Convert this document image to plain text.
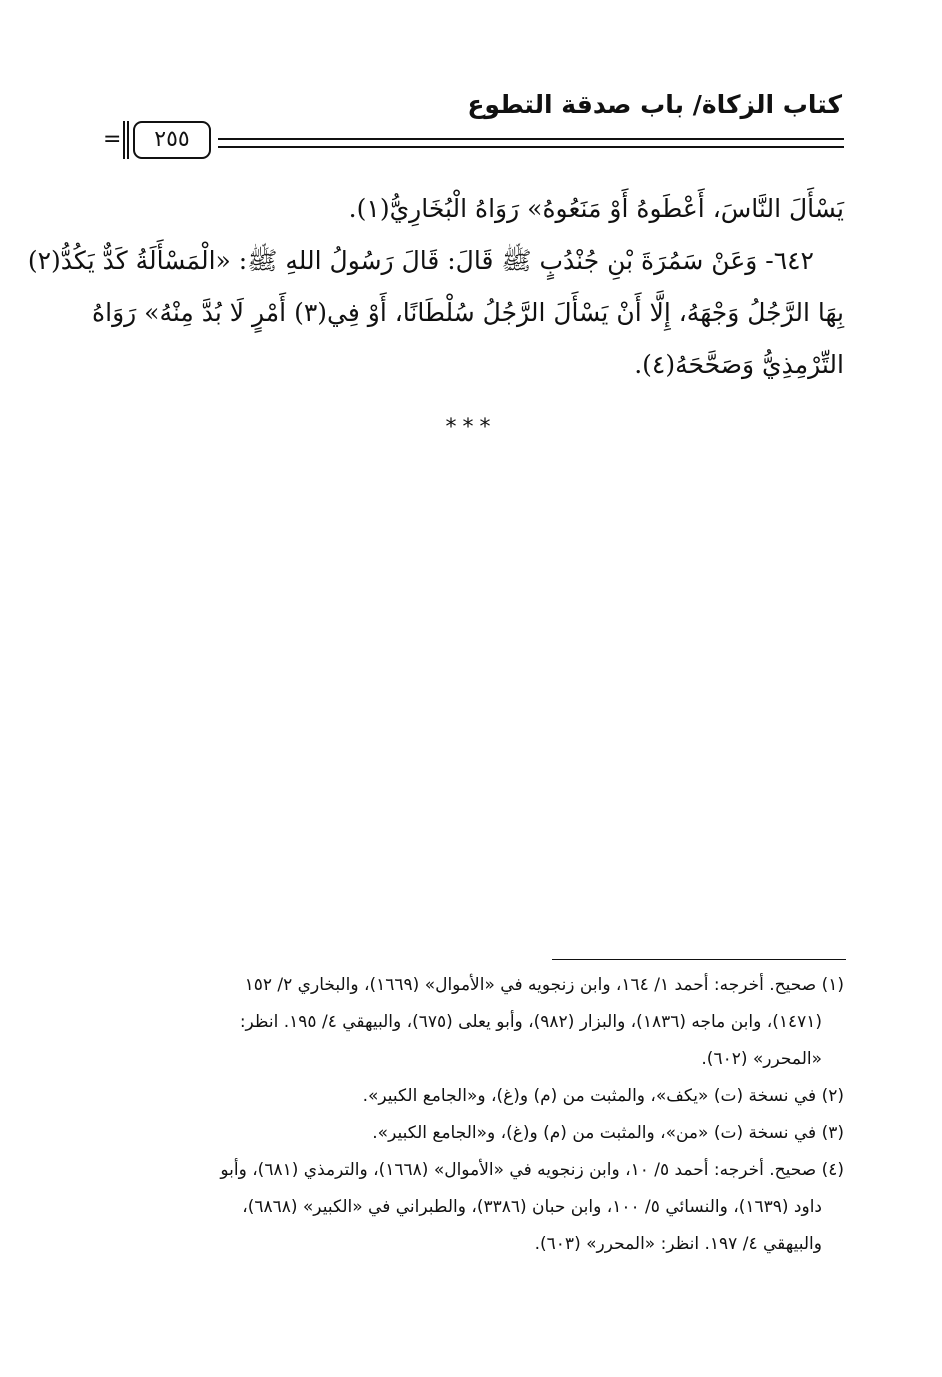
كتاب الزكاة/ باب صدقة التطوع
٢٥٥
=
يَسْأَلَ النَّاسَ، أَعْطَوهُ أَوْ مَنَعُوهُ» رَوَاهُ الْبُخَارِيُّ(١).
٦٤٢- وَعَنْ سَمُرَةَ بْنِ جُنْدُبٍ ﷺ قَالَ: قَالَ رَسُولُ اللهِ ﷺ: «الْمَسْأَلَةُ كَدٌّ يَكُدُّ(٢)
بِهَا الرَّجُلُ وَجْهَهُ، إِلَّا أَنْ يَسْأَلَ الرَّجُلُ سُلْطَانًا، أَوْ فِي(٣) أَمْرٍ لَا بُدَّ مِنْهُ» رَوَاهُ
التِّرْمِذِيُّ وَصَحَّحَهُ(٤).
***
(١) صحيح. أخرجه: أحمد ١/ ١٦٤، وابن زنجويه في «الأموال» (١٦٦٩)، والبخاري ٢/ ١٥٢
(١٤٧١)، وابن ماجه (١٨٣٦)، والبزار (٩٨٢)، وأبو يعلى (٦٧٥)، والبيهقي ٤/ ١٩٥. انظر:
«المحرر» (٦٠٢).
(٢) في نسخة (ت) «يكف»، والمثبت من (م) و(غ)، و«الجامع الكبير».
(٣) في نسخة (ت) «من»، والمثبت من (م) و(غ)، و«الجامع الكبير».
(٤) صحيح. أخرجه: أحمد ٥/ ١٠، وابن زنجويه في «الأموال» (١٦٦٨)، والترمذي (٦٨١)، وأبو
داود (١٦٣٩)، والنسائي ٥/ ١٠٠، وابن حبان (٣٣٨٦)، والطبراني في «الكبير» (٦٨٦٨)،
والبيهقي ٤/ ١٩٧. انظر: «المحرر» (٦٠٣).
